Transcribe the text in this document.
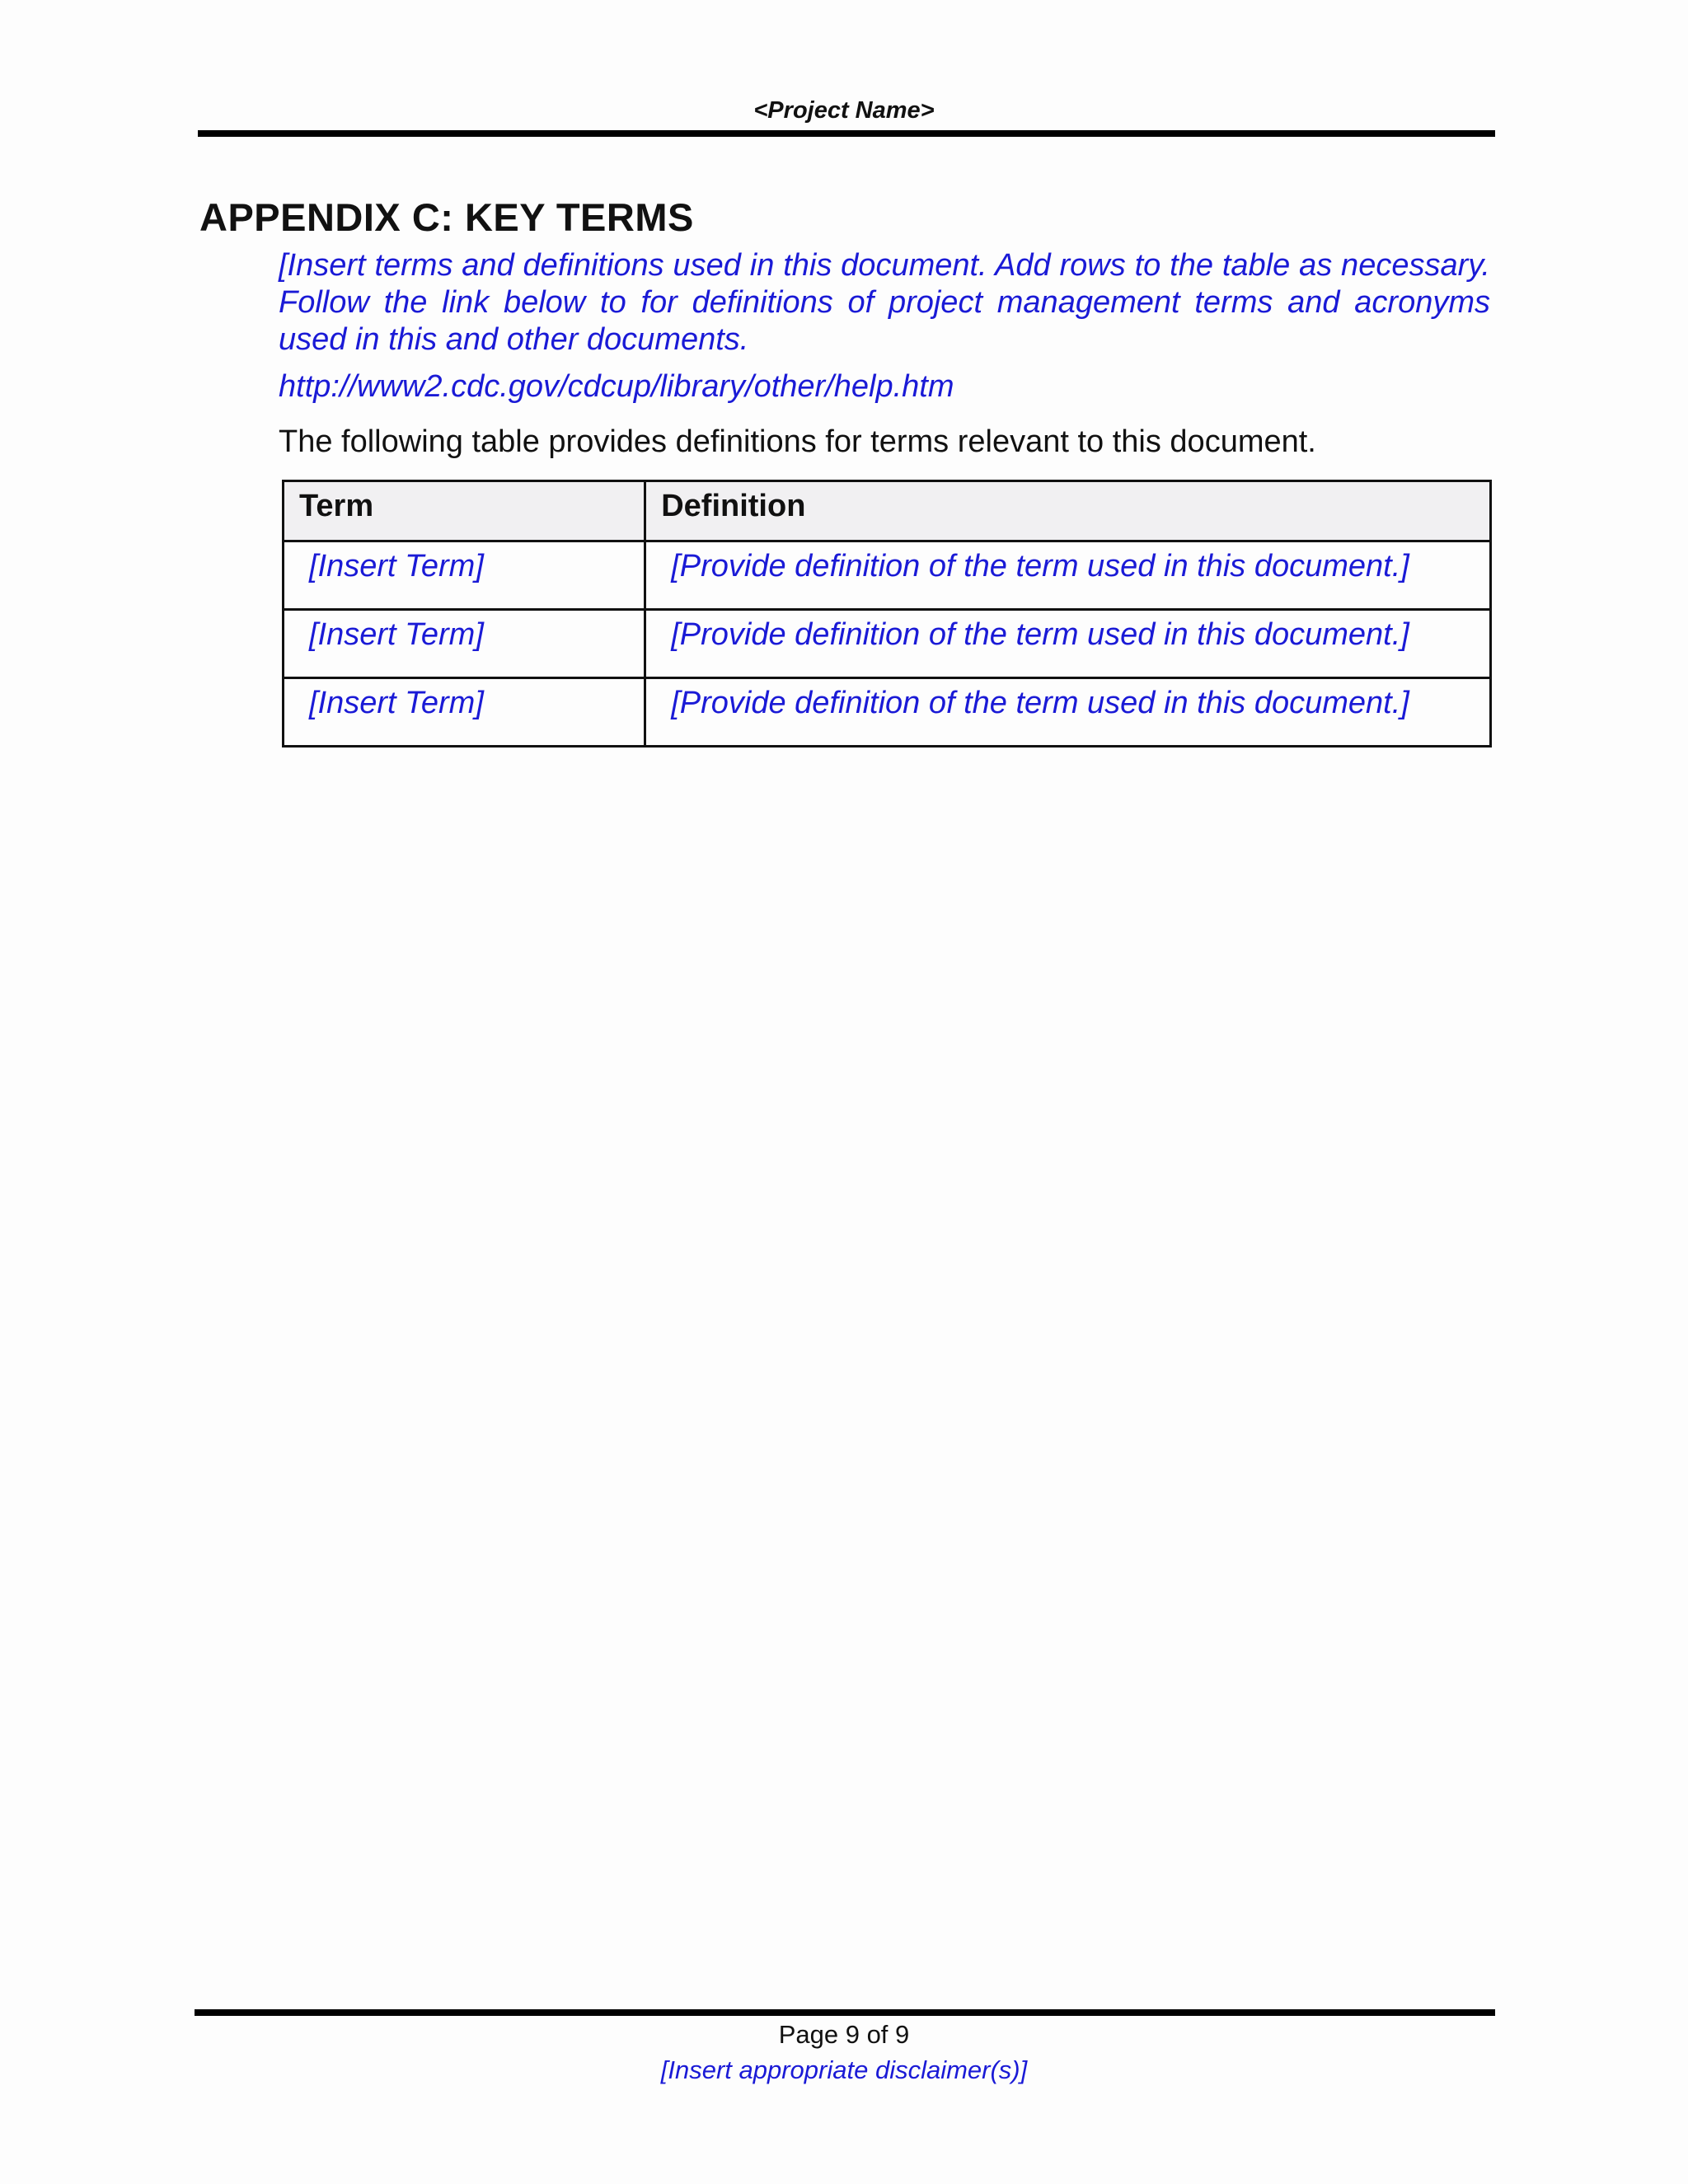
<Project Name>
APPENDIX C: KEY TERMS

[Insert terms and definitions used in this document. Add rows to the table as necessary. Follow the link below to for definitions of project management terms and acronyms used in this and other documents.

http://www2.cdc.gov/cdcup/library/other/help.htm

The following table provides definitions for terms relevant to this document.

Term	Definition
[Insert Term]	[Provide definition of the term used in this document.]
[Insert Term]	[Provide definition of the term used in this document.]
[Insert Term]	[Provide definition of the term used in this document.]
Page 9 of 9
[Insert appropriate disclaimer(s)]
